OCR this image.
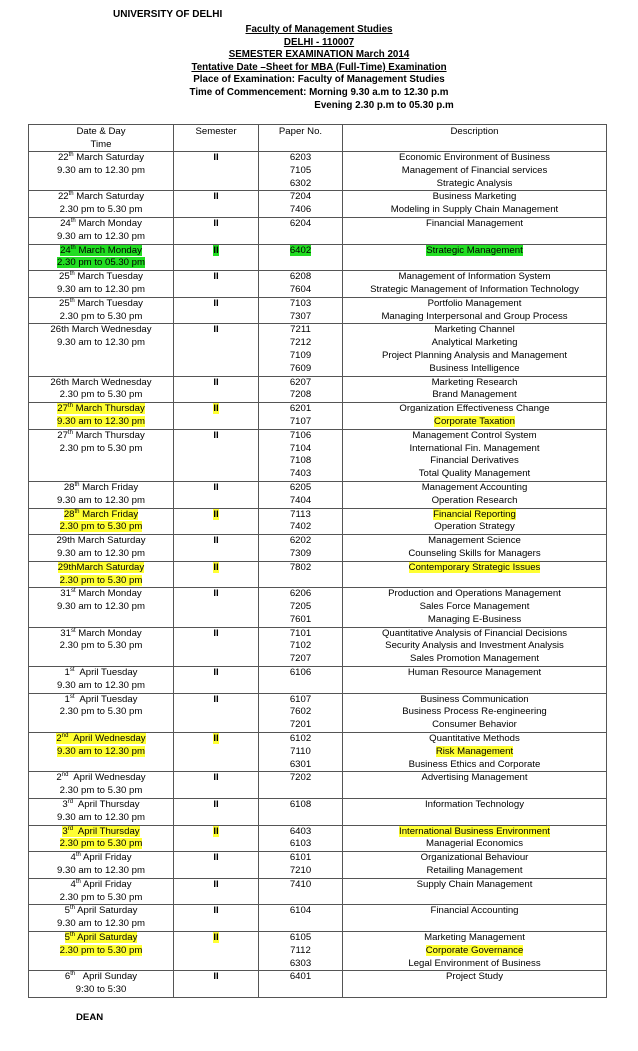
UNIVERSITY OF DELHI
Faculty of Management Studies
DELHI - 110007
SEMESTER EXAMINATION March 2014
Tentative Date –Sheet for MBA (Full-Time) Examination
Place of Examination: Faculty of Management Studies
Time of Commencement: Morning 9.30 a.m to 12.30 p.m
Evening 2.30 p.m to 05.30 p.m
Date & Day
Time	Semester	Paper No.	Description

22th March Saturday
9.30 am to 12.30 pm	II	6203
7105
6302	Economic Environment of Business
Management of Financial services
Strategic Analysis

22th March Saturday
2.30 pm to 5.30 pm	II	7204
7406	Business Marketing
Modeling in Supply Chain Management

24th March Monday
9.30 am to 12.30 pm	II	6204	Financial Management

24th March Monday
2.30 pm to 05.30 pm	II	6402	Strategic Management

25th March Tuesday
9.30 am to 12.30 pm	II	6208
7604	Management of Information System
Strategic Management of Information Technology

25th March Tuesday
2.30 pm to 5.30 pm	II	7103
7307	Portfolio Management
Managing Interpersonal and Group Process

26th March Wednesday
9.30 am to 12.30 pm	II	7211
7212
7109
7609	Marketing Channel
Analytical Marketing
Project Planning Analysis and Management
Business Intelligence

26th March Wednesday
2.30 pm to 5.30 pm	II	6207
7208	Marketing Research
Brand Management

27th March Thursday
9.30 am to 12.30 pm	II	6201
7107	Organization Effectiveness Change
Corporate Taxation

27th March Thursday
2.30 pm to 5.30 pm	II	7106
7104
7108
7403	Management Control System
International Fin. Management
Financial Derivatives
Total Quality Management

28th March Friday
9.30 am to 12.30 pm	II	6205
7404	Management Accounting
Operation Research

28th March Friday
2.30 pm to 5.30 pm	II	7113
7402	Financial Reporting
Operation Strategy

29th March Saturday
9.30 am to 12.30 pm	II	6202
7309	Management Science
Counseling Skills for Managers

29thMarch Saturday
2.30 pm to 5.30 pm	II	7802	Contemporary Strategic Issues

31st March Monday
9.30 am to 12.30 pm	II	6206
7205
7601	Production and Operations Management
Sales Force Management
Managing E-Business

31st March Monday
2.30 pm to 5.30 pm	II	7101
7102
7207	Quantitative Analysis of Financial Decisions
Security Analysis and Investment Analysis
Sales Promotion Management

1st  April Tuesday
9.30 am to 12.30 pm	II	6106	Human Resource Management

1st  April Tuesday
2.30 pm to 5.30 pm	II	6107
7602
7201	Business Communication
Business Process Re-engineering
Consumer Behavior

2nd  April Wednesday
9.30 am to 12.30 pm	II	6102
7110
6301	Quantitative Methods
Risk Management
Business Ethics and Corporate

2nd  April Wednesday
2.30 pm to 5.30 pm	II	7202	Advertising Management

3rd  April Thursday
9.30 am to 12.30 pm	II	6108	Information Technology

3rd  April Thursday
2.30 pm to 5.30 pm	II	6403
6103	International Business Environment
Managerial Economics

4th April Friday
9.30 am to 12.30 pm	II	6101
7210	Organizational Behaviour
Retailing Management

4th April Friday
2.30 pm to 5.30 pm	II	7410	Supply Chain Management

5th April Saturday
9.30 am to 12.30 pm	II	6104	Financial Accounting

5th April Saturday
2.30 pm to 5.30 pm	II	6105
7112
6303	Marketing Management
Corporate Governance
Legal Environment of Business

6th   April Sunday
9:30 to 5:30	II	6401	Project Study
DEAN
